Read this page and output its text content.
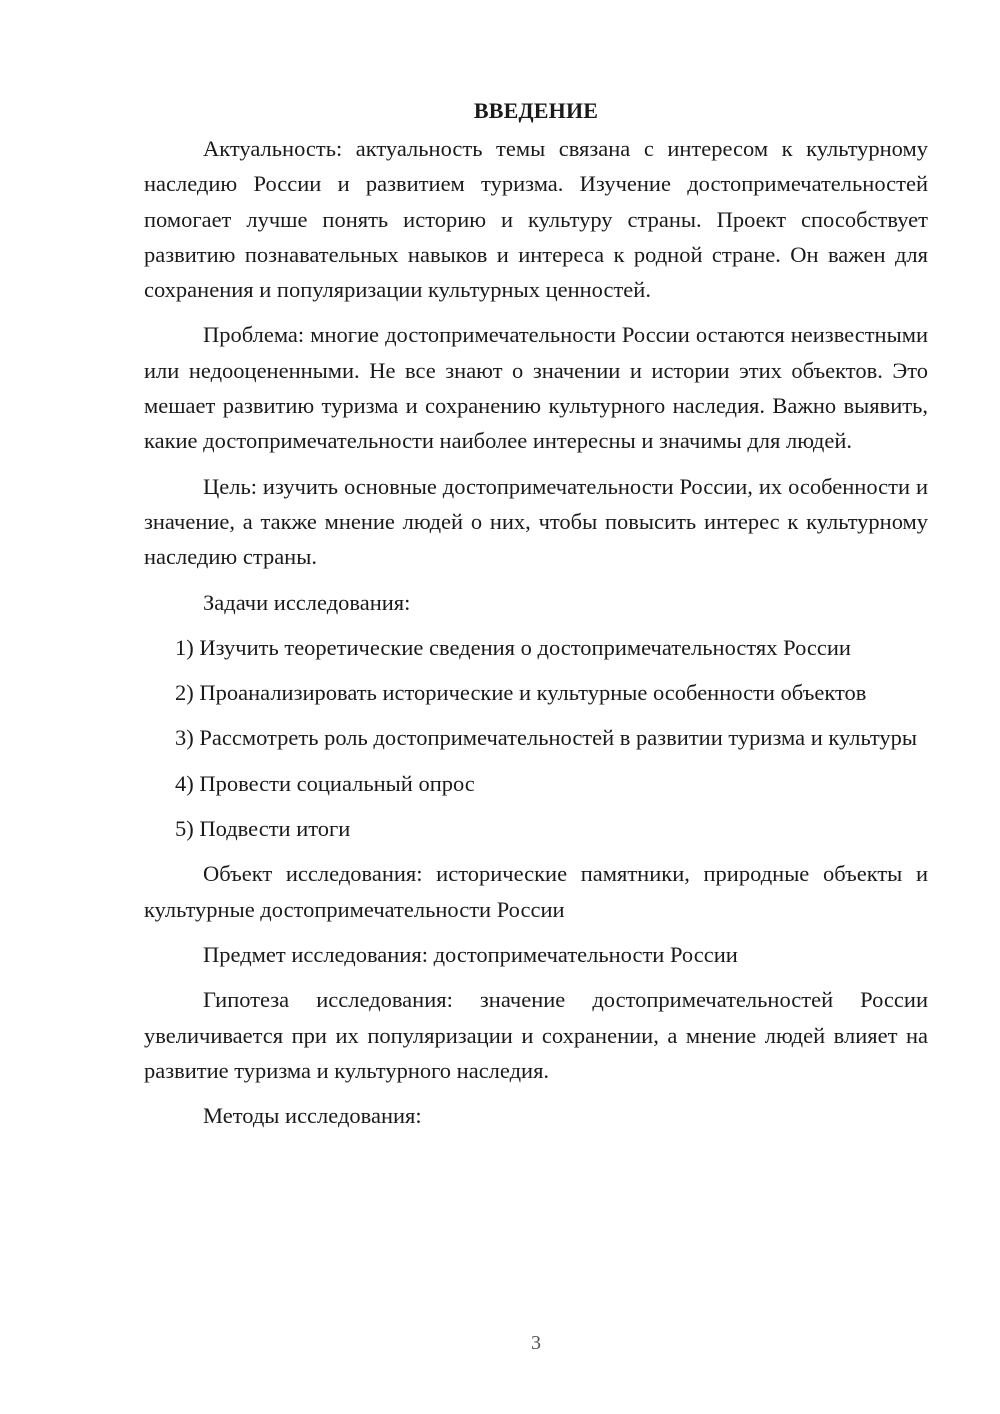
ВВЕДЕНИЕ

Актуальность: актуальность темы связана с интересом к культурному наследию России и развитием туризма. Изучение достопримечательностей помогает лучше понять историю и культуру страны. Проект способствует развитию познавательных навыков и интереса к родной стране. Он важен для сохранения и популяризации культурных ценностей.

Проблема: многие достопримечательности России остаются неизвестными или недооцененными. Не все знают о значении и истории этих объектов. Это мешает развитию туризма и сохранению культурного наследия. Важно выявить, какие достопримечательности наиболее интересны и значимы для людей.

Цель: изучить основные достопримечательности России, их особенности и значение, а также мнение людей о них, чтобы повысить интерес к культурному наследию страны.

Задачи исследования:

1) Изучить теоретические сведения о достопримечательностях России

2) Проанализировать исторические и культурные особенности объектов

3) Рассмотреть роль достопримечательностей в развитии туризма и культуры

4) Провести социальный опрос

5) Подвести итоги

Объект исследования: исторические памятники, природные объекты и культурные достопримечательности России

Предмет исследования: достопримечательности России

Гипотеза исследования: значение достопримечательностей России увеличивается при их популяризации и сохранении, а мнение людей влияет на развитие туризма и культурного наследия.

Методы исследования:

3
